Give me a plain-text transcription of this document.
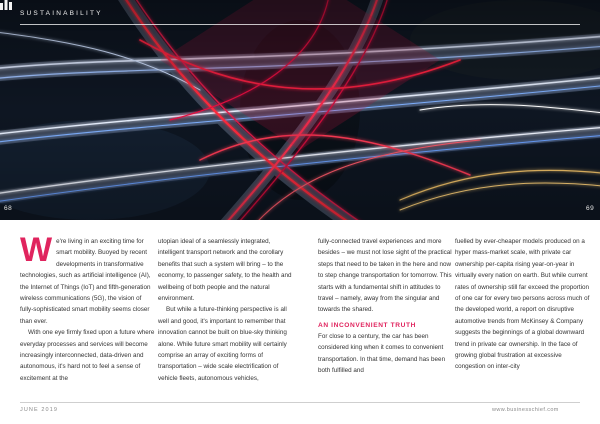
SUSTAINABILITY
68	69
W e're living in an exciting time for smart mobility. Buoyed by recent developments in transformative technologies, such as artificial intelligence (AI), the Internet of Things (IoT) and fifth-generation wireless communications (5G), the vision of fully-sophisticated smart mobility seems closer than ever.

With one eye firmly fixed upon a future where everyday processes and services will become increasingly interconnected, data-driven and autonomous, it's hard not to feel a sense of excitement at the

utopian ideal of a seamlessly integrated, intelligent transport network and the corollary benefits that such a system will bring – to the economy, to passenger safety, to the health and wellbeing of both people and the natural environment.

But while a future-thinking perspective is all well and good, it's important to remember that innovation cannot be built on blue-sky thinking alone. While future smart mobility will certainly comprise an array of exciting forms of transportation – wide scale electrification of vehicle fleets, autonomous vehicles,

fully-connected travel experiences and more besides – we must not lose sight of the practical steps that need to be taken in the here and now to step change transportation for tomorrow. This starts with a fundamental shift in attitudes to travel – namely, away from the singular and towards the shared.

AN INCONVENIENT TRUTH

For close to a century, the car has been considered king when it comes to convenient transportation. In that time, demand has been both fulfilled and

fuelled by ever-cheaper models produced on a hyper mass-market scale, with private car ownership per-capita rising year-on-year in virtually every nation on earth. But while current rates of ownership still far exceed the proportion of one car for every two persons across much of the developed world, a report on disruptive automotive trends from McKinsey & Company suggests the beginnings of a global downward trend in private car ownership. In the face of growing global frustration at excessive congestion on inter-city

JUNE 2019	www.businesschief.com
